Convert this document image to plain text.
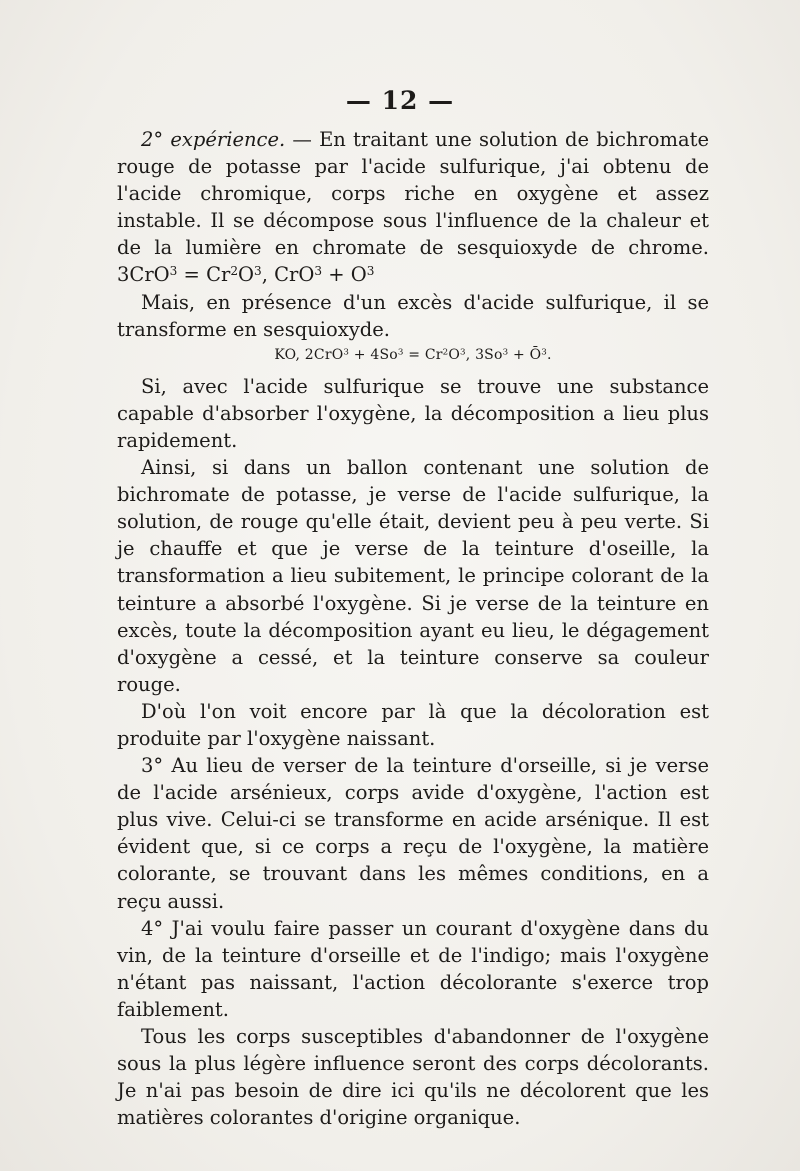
— 12 —

2° expérience. — En traitant une solution de bichromate rouge de potasse par l'acide sulfurique, j'ai obtenu de l'acide chromique, corps riche en oxygène et assez instable. Il se décompose sous l'influence de la chaleur et de la lumière en chromate de sesquioxyde de chrome. $3CrO^3 = Cr^2O^3$, $CrO^3 + O^3$

Mais, en présence d'un excès d'acide sulfurique, il se transforme en sesquioxyde.

KO, $2CrO^3 + 4So^3 = Cr^2O^3$, $3So^3$ + $Ō^3$.

Si, avec l'acide sulfurique se trouve une substance capable d'absorber l'oxygène, la décomposition a lieu plus rapidement.

Ainsi, si dans un ballon contenant une solution de bichromate de potasse, je verse de l'acide sulfurique, la solution, de rouge qu'elle était, devient peu à peu verte. Si je chauffe et que je verse de la teinture d'oseille, la transformation a lieu subitement, le principe colorant de la teinture a absorbé l'oxygène. Si je verse de la teinture en excès, toute la décomposition ayant eu lieu, le dégagement d'oxygène a cessé, et la teinture conserve sa couleur rouge.

D'où l'on voit encore par là que la décoloration est produite par l'oxygène naissant.

3° Au lieu de verser de la teinture d'orseille, si je verse de l'acide arsénieux, corps avide d'oxygène, l'action est plus vive. Celui-ci se transforme en acide arsénique. Il est évident que, si ce corps a reçu de l'oxygène, la matière colorante, se trouvant dans les mêmes conditions, en a reçu aussi.

4° J'ai voulu faire passer un courant d'oxygène dans du vin, de la teinture d'orseille et de l'indigo; mais l'oxygène n'étant pas naissant, l'action décolorante s'exerce trop faiblement.

Tous les corps susceptibles d'abandonner de l'oxygène sous la plus légère influence seront des corps décolorants. Je n'ai pas besoin de dire ici qu'ils ne décolorent que les matières colorantes d'origine organique.
